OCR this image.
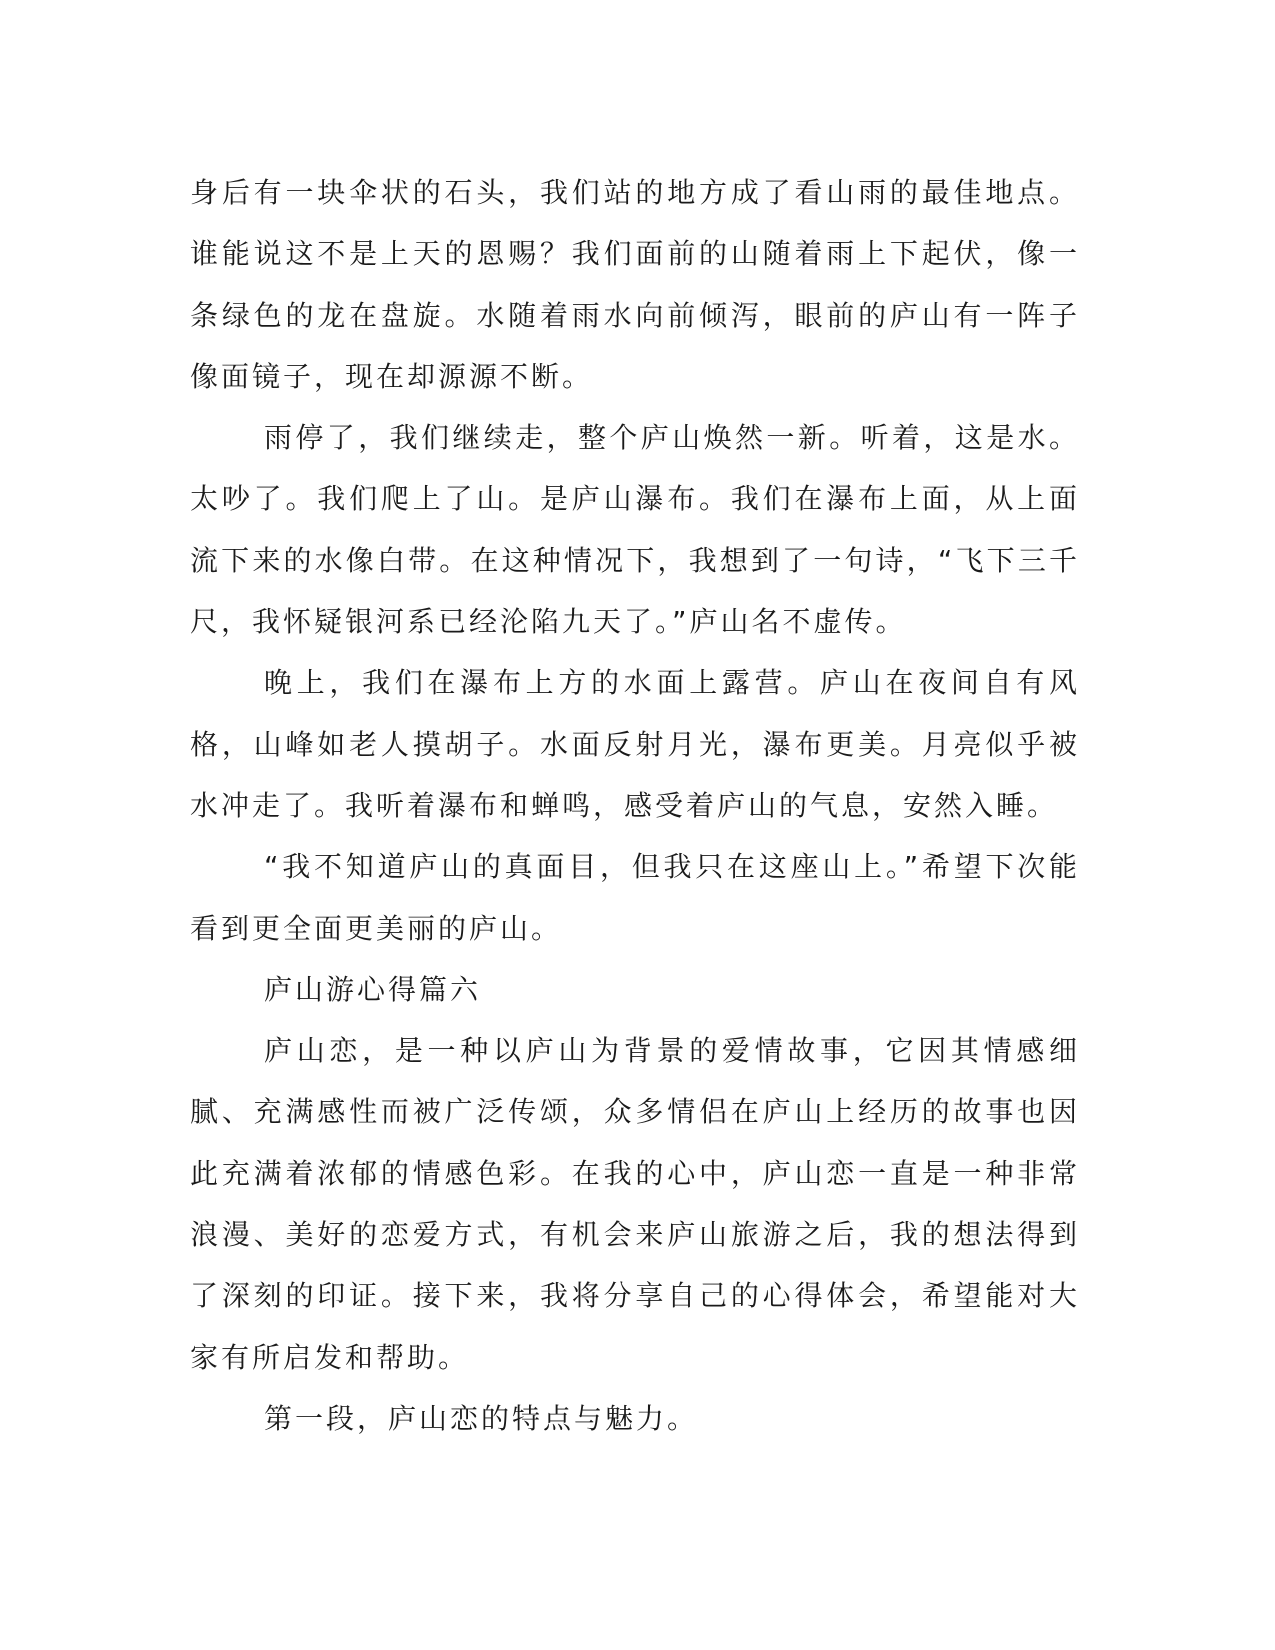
身后有一块伞状的石头，我们站的地方成了看山雨的最佳地点。谁能说这不是上天的恩赐？我们面前的山随着雨上下起伏，像一条绿色的龙在盘旋。水随着雨水向前倾泻，眼前的庐山有一阵子像面镜子，现在却源源不断。

雨停了，我们继续走，整个庐山焕然一新。听着，这是水。太吵了。我们爬上了山。是庐山瀑布。我们在瀑布上面，从上面流下来的水像白带。在这种情况下，我想到了一句诗，“飞下三千尺，我怀疑银河系已经沦陷九天了。”庐山名不虚传。

晚上，我们在瀑布上方的水面上露营。庐山在夜间自有风格，山峰如老人摸胡子。水面反射月光，瀑布更美。月亮似乎被水冲走了。我听着瀑布和蝉鸣，感受着庐山的气息，安然入睡。

“我不知道庐山的真面目，但我只在这座山上。”希望下次能看到更全面更美丽的庐山。

庐山游心得篇六

庐山恋，是一种以庐山为背景的爱情故事，它因其情感细腻、充满感性而被广泛传颂，众多情侣在庐山上经历的故事也因此充满着浓郁的情感色彩。在我的心中，庐山恋一直是一种非常浪漫、美好的恋爱方式，有机会来庐山旅游之后，我的想法得到了深刻的印证。接下来，我将分享自己的心得体会，希望能对大家有所启发和帮助。

第一段，庐山恋的特点与魅力。
